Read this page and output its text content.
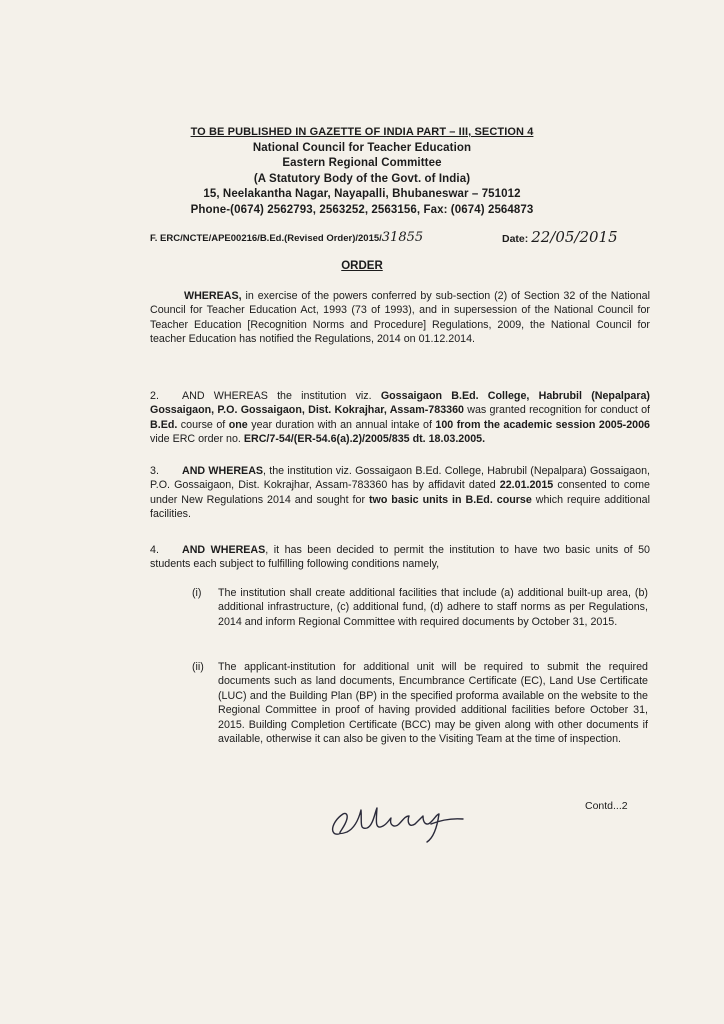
TO BE PUBLISHED IN GAZETTE OF INDIA PART – III, SECTION 4
National Council for Teacher Education
Eastern Regional Committee
(A Statutory Body of the Govt. of India)
15, Neelakantha Nagar, Nayapalli, Bhubaneswar – 751012
Phone-(0674) 2562793, 2563252, 2563156, Fax: (0674) 2564873
F. ERC/NCTE/APE00216/B.Ed.(Revised Order)/2015/31855	Date: 22/05/2015
ORDER
WHEREAS, in exercise of the powers conferred by sub-section (2) of Section 32 of the National Council for Teacher Education Act, 1993 (73 of 1993), and in supersession of the National Council for Teacher Education [Recognition Norms and Procedure] Regulations, 2009, the National Council for teacher Education has notified the Regulations, 2014 on 01.12.2014.
2. AND WHEREAS the institution viz. Gossaigaon B.Ed. College, Habrubil (Nepalpara) Gossaigaon, P.O. Gossaigaon, Dist. Kokrajhar, Assam-783360 was granted recognition for conduct of B.Ed. course of one year duration with an annual intake of 100 from the academic session 2005-2006 vide ERC order no. ERC/7-54/(ER-54.6(a).2)/2005/835 dt. 18.03.2005.
3. AND WHEREAS, the institution viz. Gossaigaon B.Ed. College, Habrubil (Nepalpara) Gossaigaon, P.O. Gossaigaon, Dist. Kokrajhar, Assam-783360 has by affidavit dated 22.01.2015 consented to come under New Regulations 2014 and sought for two basic units in B.Ed. course which require additional facilities.
4. AND WHEREAS, it has been decided to permit the institution to have two basic units of 50 students each subject to fulfilling following conditions namely,
(i)	The institution shall create additional facilities that include (a) additional built-up area, (b) additional infrastructure, (c) additional fund, (d) adhere to staff norms as per Regulations, 2014 and inform Regional Committee with required documents by October 31, 2015.
(ii)	The applicant-institution for additional unit will be required to submit the required documents such as land documents, Encumbrance Certificate (EC), Land Use Certificate (LUC) and the Building Plan (BP) in the specified proforma available on the website to the Regional Committee in proof of having provided additional facilities before October 31, 2015. Building Completion Certificate (BCC) may be given along with other documents if available, otherwise it can also be given to the Visiting Team at the time of inspection.
Contd...2
